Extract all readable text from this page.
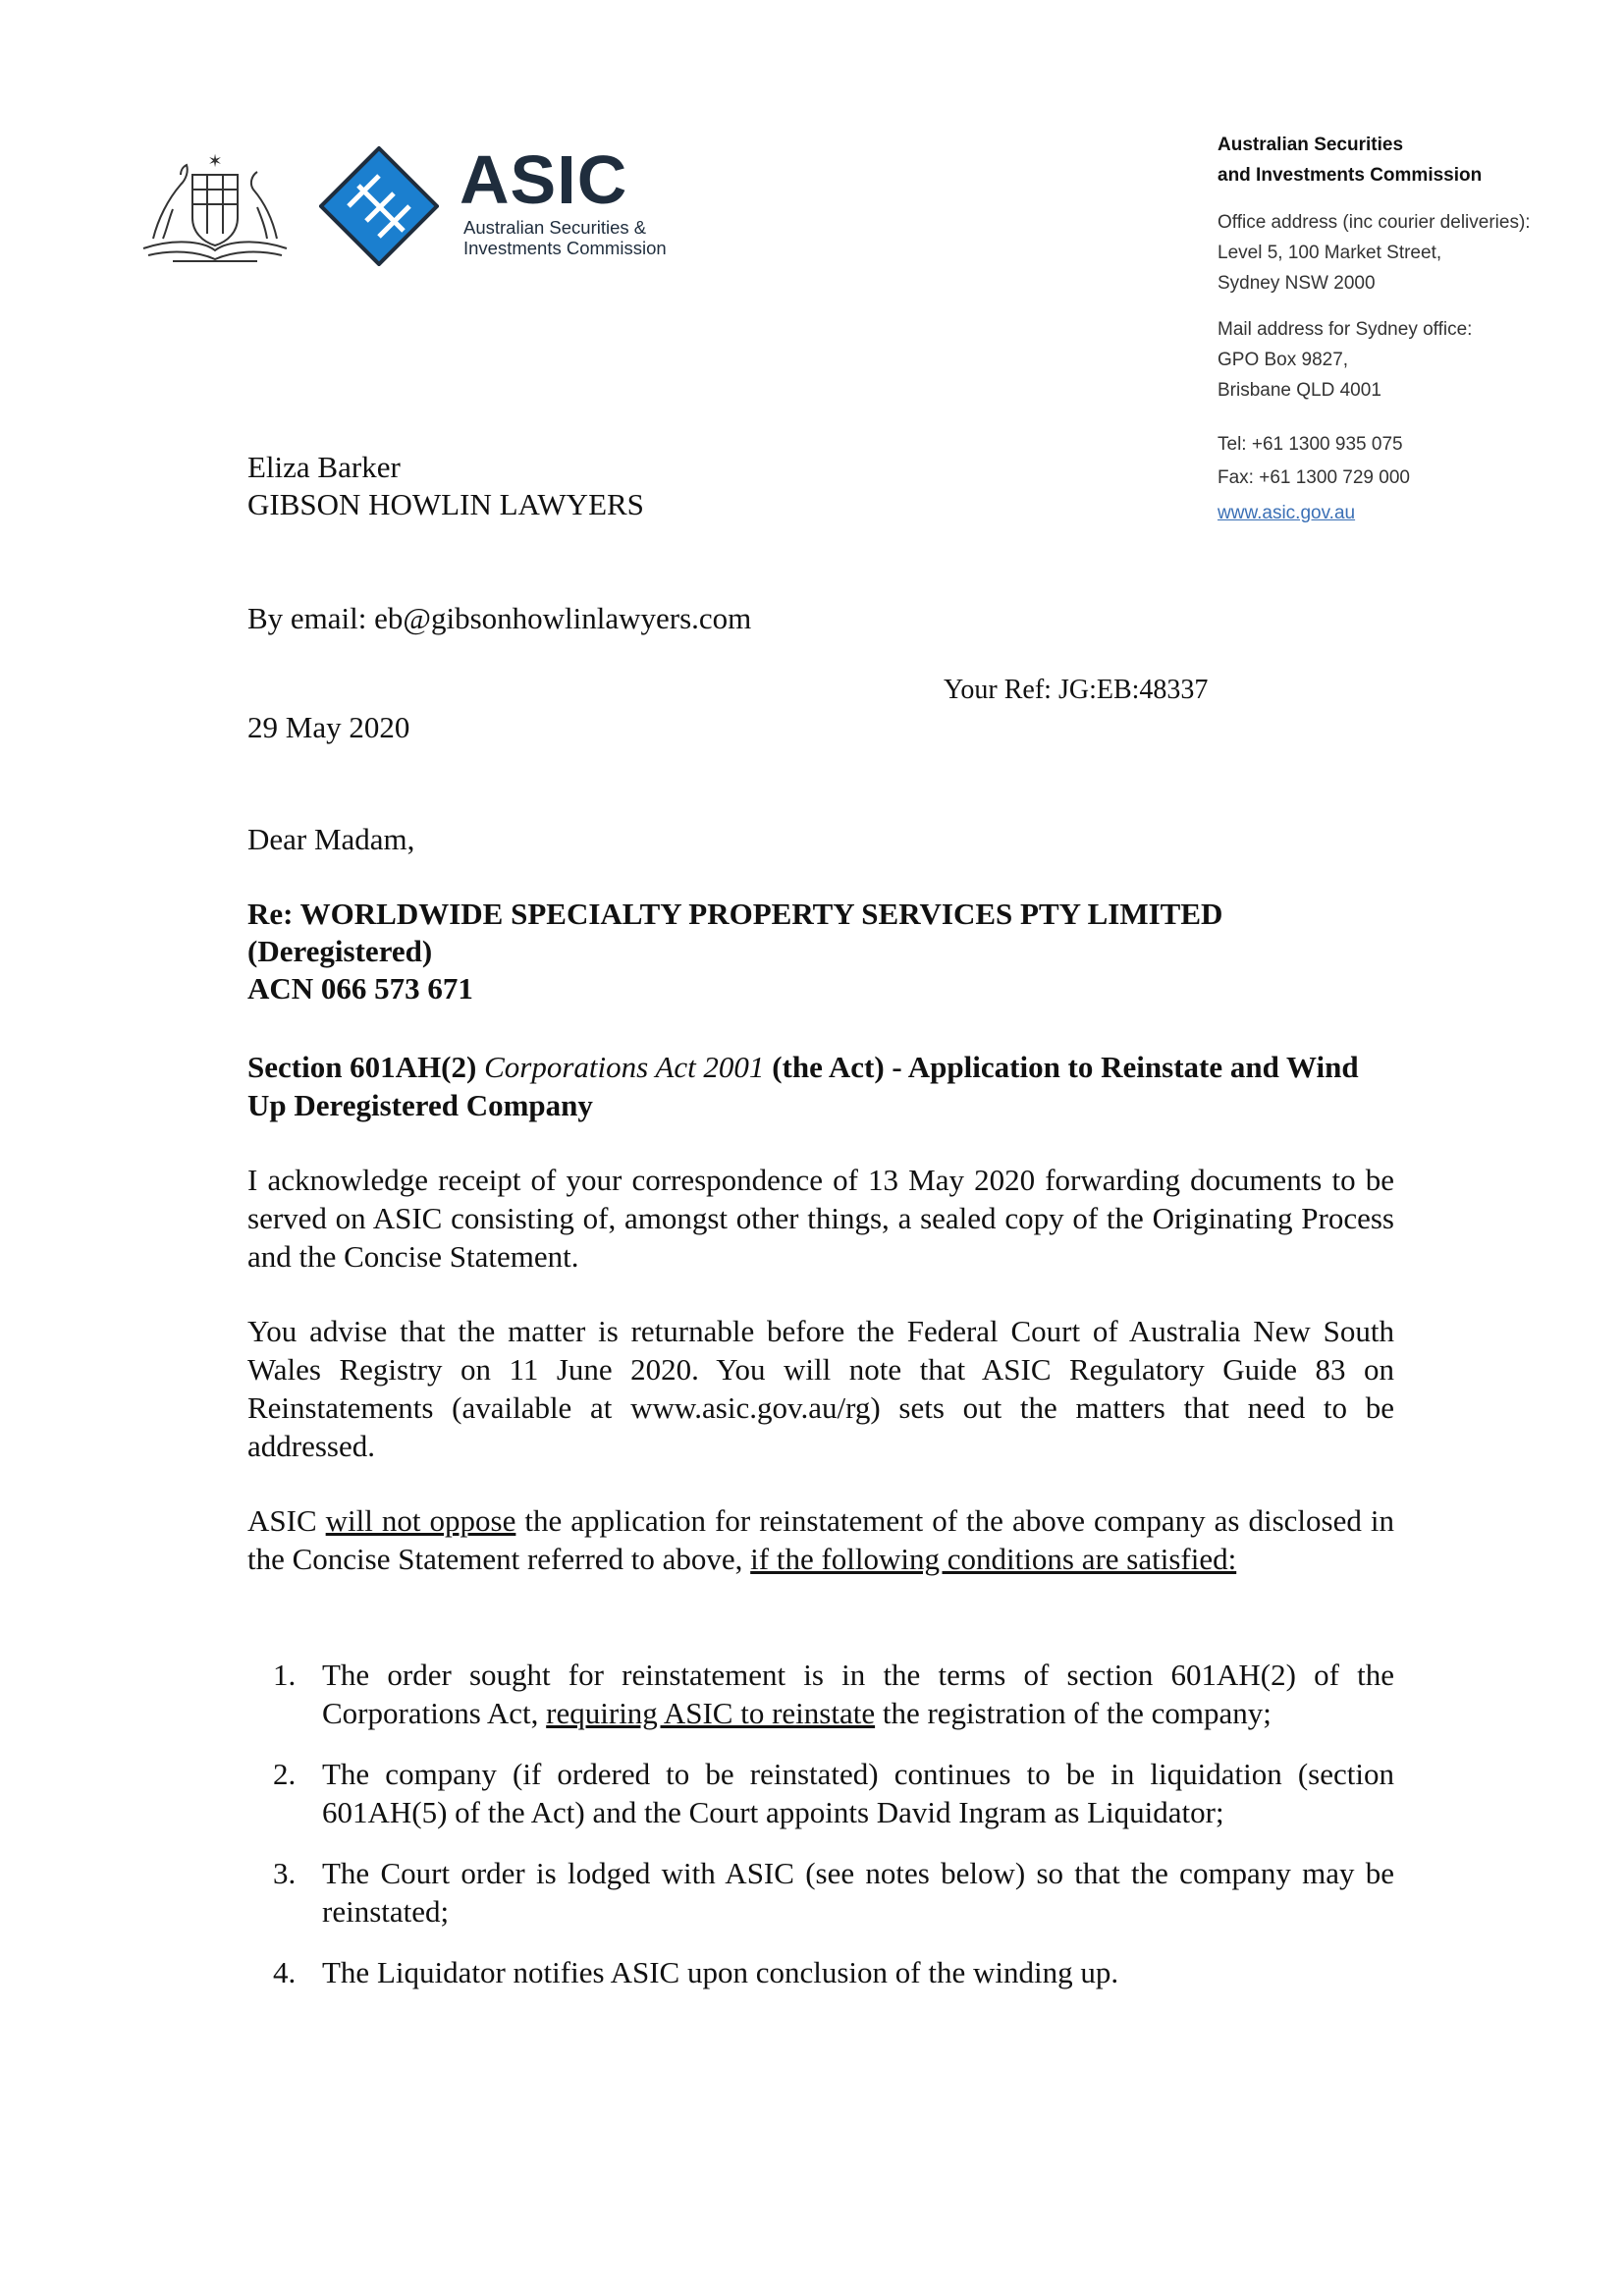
✶	ASIC
Australian Securities &
Investments Commission
Australian Securities
and Investments Commission
Office address (inc courier deliveries):
Level 5, 100 Market Street,
Sydney NSW 2000
Mail address for Sydney office:
GPO Box 9827,
Brisbane QLD 4001
Tel: +61 1300 935 075
Fax: +61 1300 729 000
www.asic.gov.au
Eliza Barker
GIBSON HOWLIN LAWYERS
By email: eb@gibsonhowlinlawyers.com
Your Ref: JG:EB:48337
29 May 2020
Dear Madam,
Re: WORLDWIDE SPECIALTY PROPERTY SERVICES PTY LIMITED
(Deregistered)
ACN 066 573 671
Section 601AH(2) Corporations Act 2001 (the Act) - Application to Reinstate and Wind Up Deregistered Company
I acknowledge receipt of your correspondence of 13 May 2020 forwarding documents to be served on ASIC consisting of, amongst other things, a sealed copy of the Originating Process and the Concise Statement.
You advise that the matter is returnable before the Federal Court of Australia New South Wales Registry on 11 June 2020. You will note that ASIC Regulatory Guide 83 on Reinstatements (available at www.asic.gov.au/rg) sets out the matters that need to be addressed.
ASIC will not oppose the application for reinstatement of the above company as disclosed in the Concise Statement referred to above, if the following conditions are satisfied:
1. The order sought for reinstatement is in the terms of section 601AH(2) of the Corporations Act, requiring ASIC to reinstate the registration of the company;
2. The company (if ordered to be reinstated) continues to be in liquidation (section 601AH(5) of the Act) and the Court appoints David Ingram as Liquidator;
3. The Court order is lodged with ASIC (see notes below) so that the company may be reinstated;
4. The Liquidator notifies ASIC upon conclusion of the winding up.
